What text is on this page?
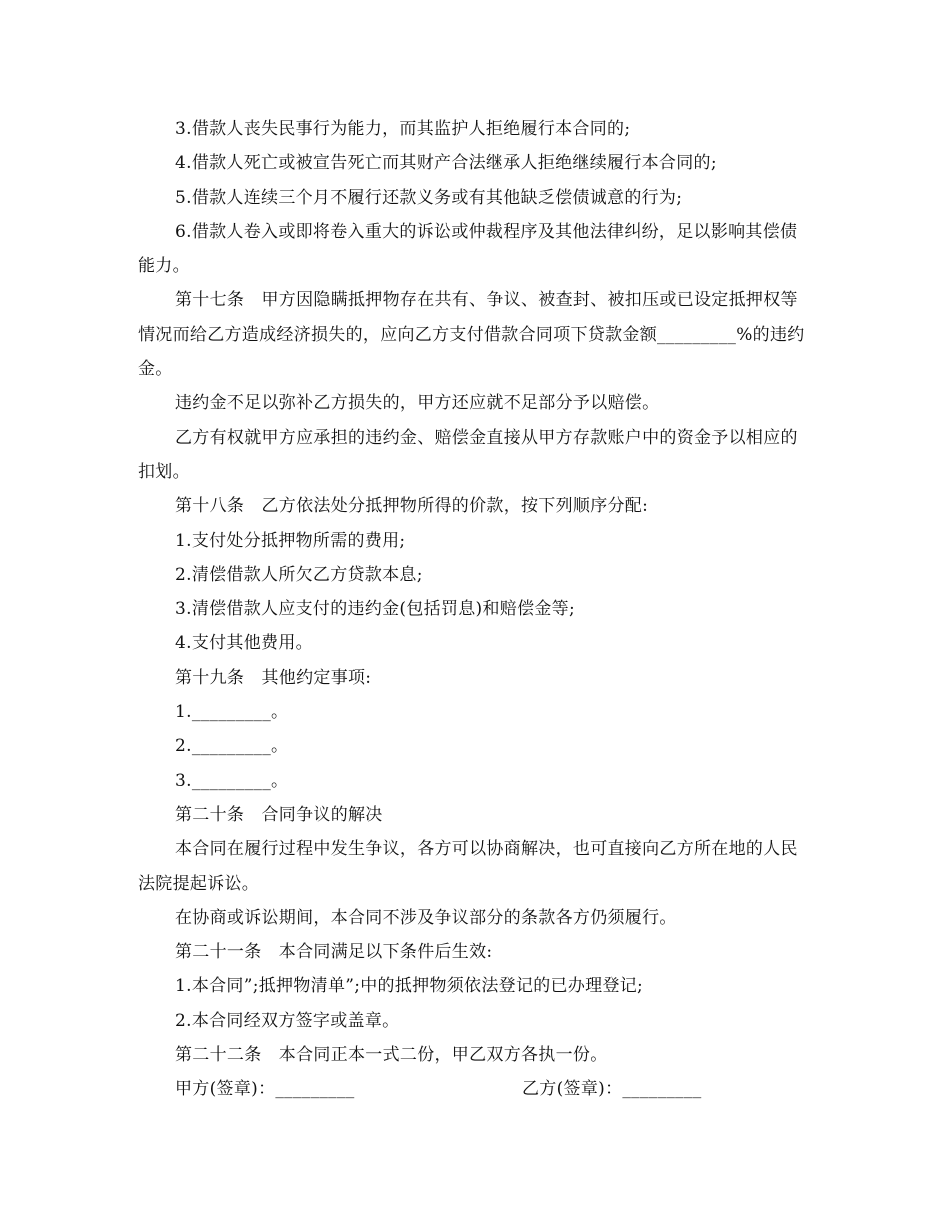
3.借款人丧失民事行为能力，而其监护人拒绝履行本合同的;

4.借款人死亡或被宣告死亡而其财产合法继承人拒绝继续履行本合同的;

5.借款人连续三个月不履行还款义务或有其他缺乏偿债诚意的行为;

6.借款人卷入或即将卷入重大的诉讼或仲裁程序及其他法律纠纷，足以影响其偿债能力。

第十七条　甲方因隐瞒抵押物存在共有、争议、被查封、被扣压或已设定抵押权等情况而给乙方造成经济损失的，应向乙方支付借款合同项下贷款金额_________%的违约金。

违约金不足以弥补乙方损失的，甲方还应就不足部分予以赔偿。

乙方有权就甲方应承担的违约金、赔偿金直接从甲方存款账户中的资金予以相应的扣划。

第十八条　乙方依法处分抵押物所得的价款，按下列顺序分配:

1.支付处分抵押物所需的费用;

2.清偿借款人所欠乙方贷款本息;

3.清偿借款人应支付的违约金(包括罚息)和赔偿金等;

4.支付其他费用。

第十九条　其他约定事项:

1._________。

2._________。

3._________。

第二十条　合同争议的解决

本合同在履行过程中发生争议，各方可以协商解决，也可直接向乙方所在地的人民法院提起诉讼。

在协商或诉讼期间，本合同不涉及争议部分的条款各方仍须履行。

第二十一条　本合同满足以下条件后生效:

1.本合同”;抵押物清单”;中的抵押物须依法登记的已办理登记;

2.本合同经双方签字或盖章。

第二十二条　本合同正本一式二份，甲乙双方各执一份。

甲方(签章)：_________	乙方(签章)：_________
